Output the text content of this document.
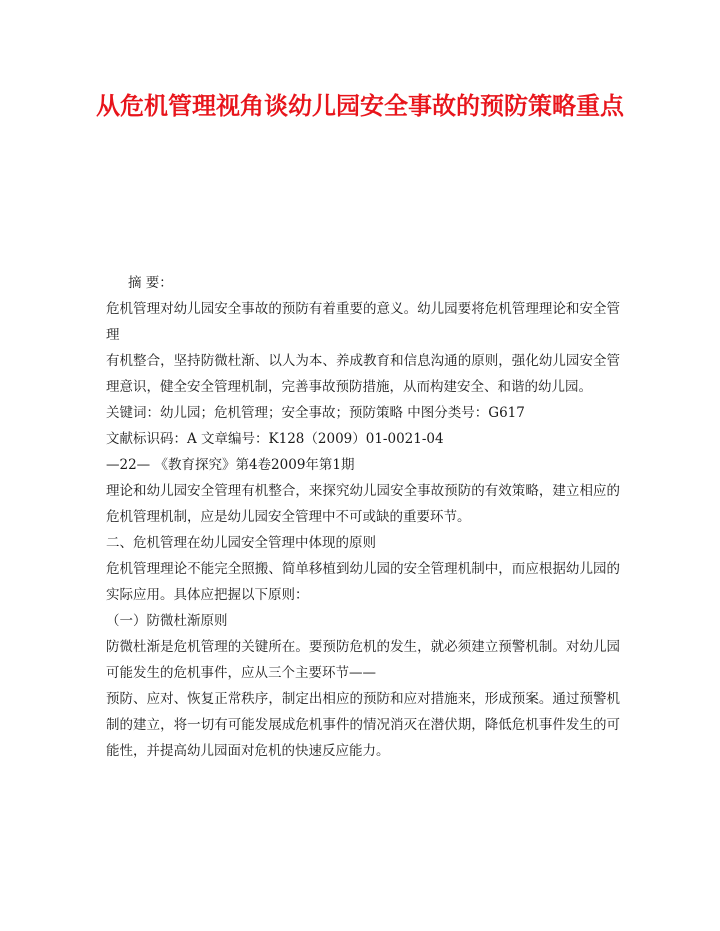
从危机管理视角谈幼儿园安全事故的预防策略重点

摘 要：

危机管理对幼儿园安全事故的预防有着重要的意义。幼儿园要将危机管理理论和安全管理

有机整合，坚持防微杜渐、以人为本、养成教育和信息沟通的原则，强化幼儿园安全管理意识，健全安全管理机制，完善事故预防措施，从而构建安全、和谐的幼儿园。

关键词：幼儿园；危机管理；安全事故；预防策略 中图分类号：G617

文献标识码：A 文章编号：K128（2009）01-0021-04

—22— 《教育探究》第4卷2009年第1期

理论和幼儿园安全管理有机整合，来探究幼儿园安全事故预防的有效策略，建立相应的危机管理机制，应是幼儿园安全管理中不可或缺的重要环节。

二、危机管理在幼儿园安全管理中体现的原则

危机管理理论不能完全照搬、简单移植到幼儿园的安全管理机制中，而应根据幼儿园的实际应用。具体应把握以下原则：

（一）防微杜渐原则

防微杜渐是危机管理的关键所在。要预防危机的发生，就必须建立预警机制。对幼儿园可能发生的危机事件，应从三个主要环节——

预防、应对、恢复正常秩序，制定出相应的预防和应对措施来，形成预案。通过预警机制的建立，将一切有可能发展成危机事件的情况消灭在潜伏期，降低危机事件发生的可能性，并提高幼儿园面对危机的快速反应能力。
